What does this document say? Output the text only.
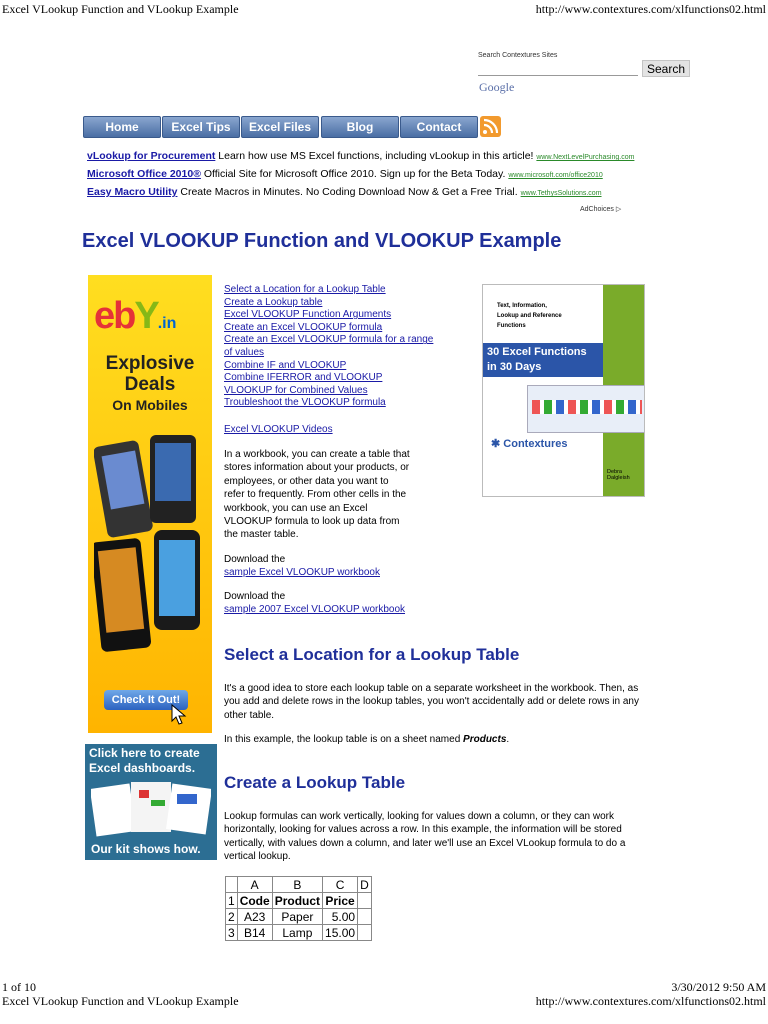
Excel VLookup Function and VLookup Example	http://www.contextures.com/xlfunctions02.html
Search Contextures Sites
Search
Google
Home	Excel Tips	Excel Files	Blog	Contact
vLookup for Procurement Learn how use MS Excel functions, including vLookup in this article! www.NextLevelPurchasing.com
Microsoft Office 2010® Official Site for Microsoft Office 2010. Sign up for the Beta Today. www.microsoft.com/office2010
Easy Macro Utility Create Macros in Minutes. No Coding Download Now & Get a Free Trial. www.TethysSolutions.com
AdChoices ▷
Excel VLOOKUP Function and VLOOKUP Example
ebY.in
Explosive
Deals
On Mobiles
Check It Out!
Click here to create
Excel dashboards.
Our kit shows how.
Select a Location for a Lookup Table
Create a Lookup table
Excel VLOOKUP Function Arguments
Create an Excel VLOOKUP formula
Create an Excel VLOOKUP formula for a range
of values
Combine IF and VLOOKUP
Combine IFERROR and VLOOKUP
VLOOKUP for Combined Values
Troubleshoot the VLOOKUP formula
Excel VLOOKUP Videos
Text, Information,
Lookup and Reference
Functions
30 Excel Functions
in 30 Days
✱ Contextures
Debra Dalgleish
In a workbook, you can create a table that
stores information about your products, or
employees, or other data you want to
refer to frequently. From other cells in the
workbook, you can use an Excel
VLOOKUP formula to look up data from
the master table.
Download the
sample Excel VLOOKUP workbook
Download the
sample 2007 Excel VLOOKUP workbook
Select a Location for a Lookup Table
It's a good idea to store each lookup table on a separate worksheet in the workbook. Then, as
you add and delete rows in the lookup tables, you won't accidentally add or delete rows in any
other table.
In this example, the lookup table is on a sheet named Products.
Create a Lookup Table
Lookup formulas can work vertically, looking for values down a column, or they can work
horizontally, looking for values across a row. In this example, the information will be stored
vertically, with values down a column, and later we'll use an Excel VLookup formula to do a
vertical lookup.
	A	B	C	D
1	Code	Product	Price	
2	A23	Paper	5.00	
3	B14	Lamp	15.00	
1 of 10	3/30/2012 9:50 AM
Excel VLookup Function and VLookup Example	http://www.contextures.com/xlfunctions02.html
